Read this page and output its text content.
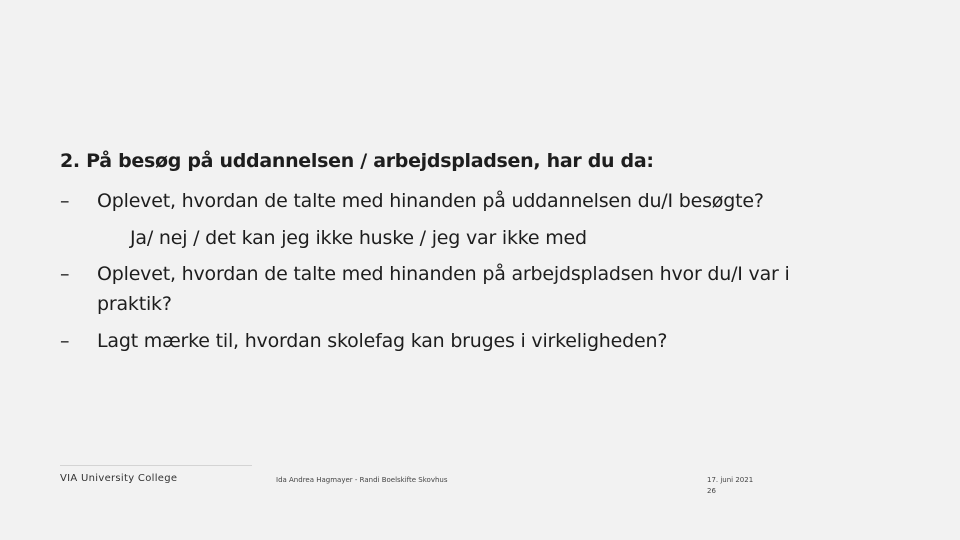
2. På besøg på uddannelsen / arbejdspladsen, har du da:
– Oplevet, hvordan de talte med hinanden på uddannelsen du/I besøgte?
Ja/ nej / det kan jeg ikke huske / jeg var ikke med
– Oplevet, hvordan de talte med hinanden på arbejdspladsen hvor du/I var i
praktik?
– Lagt mærke til, hvordan skolefag kan bruges i virkeligheden?
VIA University College	Ida Andrea Hagmayer - Randi Boelskifte Skovhus	17. juni 2021
26
